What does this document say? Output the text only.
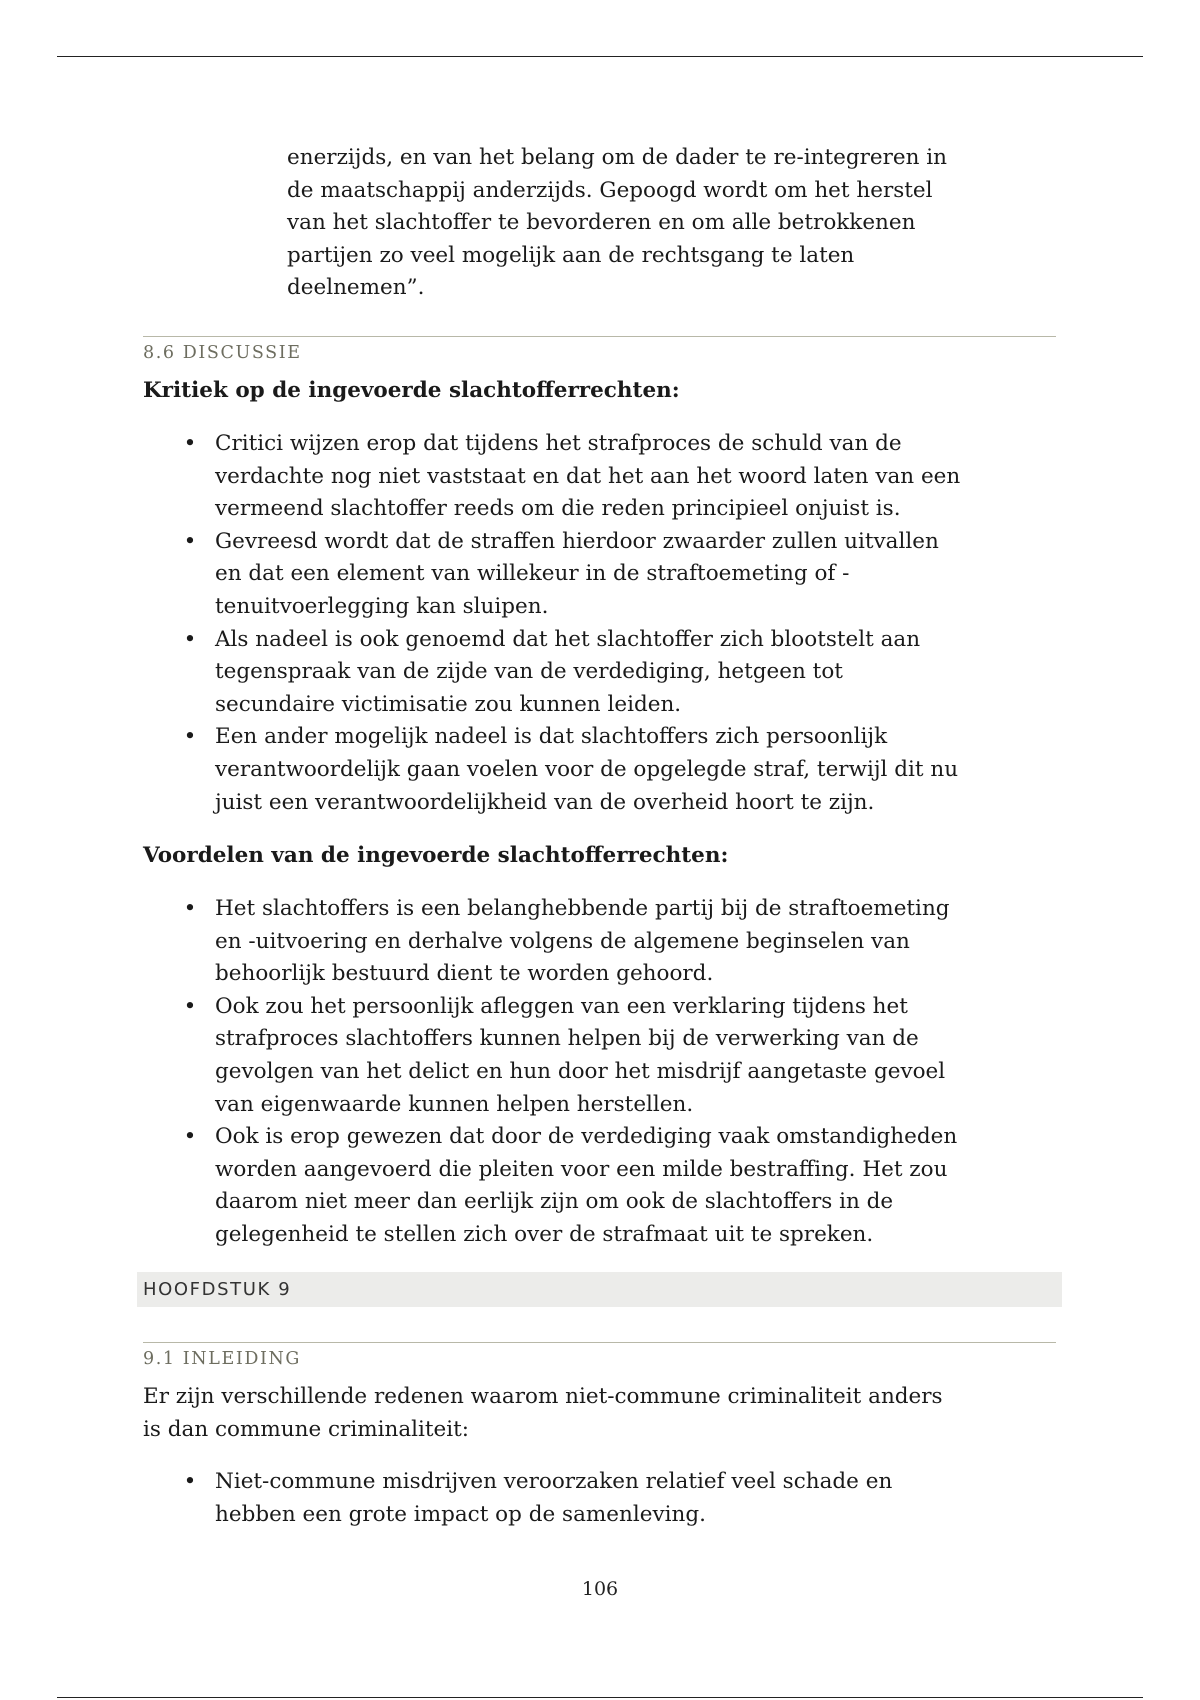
enerzijds, en van het belang om de dader te re-integreren in
de maatschappij anderzijds. Gepoogd wordt om het herstel
van het slachtoffer te bevorderen en om alle betrokkenen
partijen zo veel mogelijk aan de rechtsgang te laten
deelnemen”.
8.6 DISCUSSIE
Kritiek op de ingevoerde slachtofferrechten:
• Critici wijzen erop dat tijdens het strafproces de schuld van de
verdachte nog niet vaststaat en dat het aan het woord laten van een
vermeend slachtoffer reeds om die reden principieel onjuist is.
• Gevreesd wordt dat de straffen hierdoor zwaarder zullen uitvallen
en dat een element van willekeur in de straftoemeting of -
tenuitvoerlegging kan sluipen.
• Als nadeel is ook genoemd dat het slachtoffer zich blootstelt aan
tegenspraak van de zijde van de verdediging, hetgeen tot
secundaire victimisatie zou kunnen leiden.
• Een ander mogelijk nadeel is dat slachtoffers zich persoonlijk
verantwoordelijk gaan voelen voor de opgelegde straf, terwijl dit nu
juist een verantwoordelijkheid van de overheid hoort te zijn.
Voordelen van de ingevoerde slachtofferrechten:
• Het slachtoffers is een belanghebbende partij bij de straftoemeting
en -uitvoering en derhalve volgens de algemene beginselen van
behoorlijk bestuurd dient te worden gehoord.
• Ook zou het persoonlijk afleggen van een verklaring tijdens het
strafproces slachtoffers kunnen helpen bij de verwerking van de
gevolgen van het delict en hun door het misdrijf aangetaste gevoel
van eigenwaarde kunnen helpen herstellen.
• Ook is erop gewezen dat door de verdediging vaak omstandigheden
worden aangevoerd die pleiten voor een milde bestraffing. Het zou
daarom niet meer dan eerlijk zijn om ook de slachtoffers in de
gelegenheid te stellen zich over de strafmaat uit te spreken.
HOOFDSTUK 9
9.1 INLEIDING
Er zijn verschillende redenen waarom niet-commune criminaliteit anders
is dan commune criminaliteit:
• Niet-commune misdrijven veroorzaken relatief veel schade en
hebben een grote impact op de samenleving.
106
